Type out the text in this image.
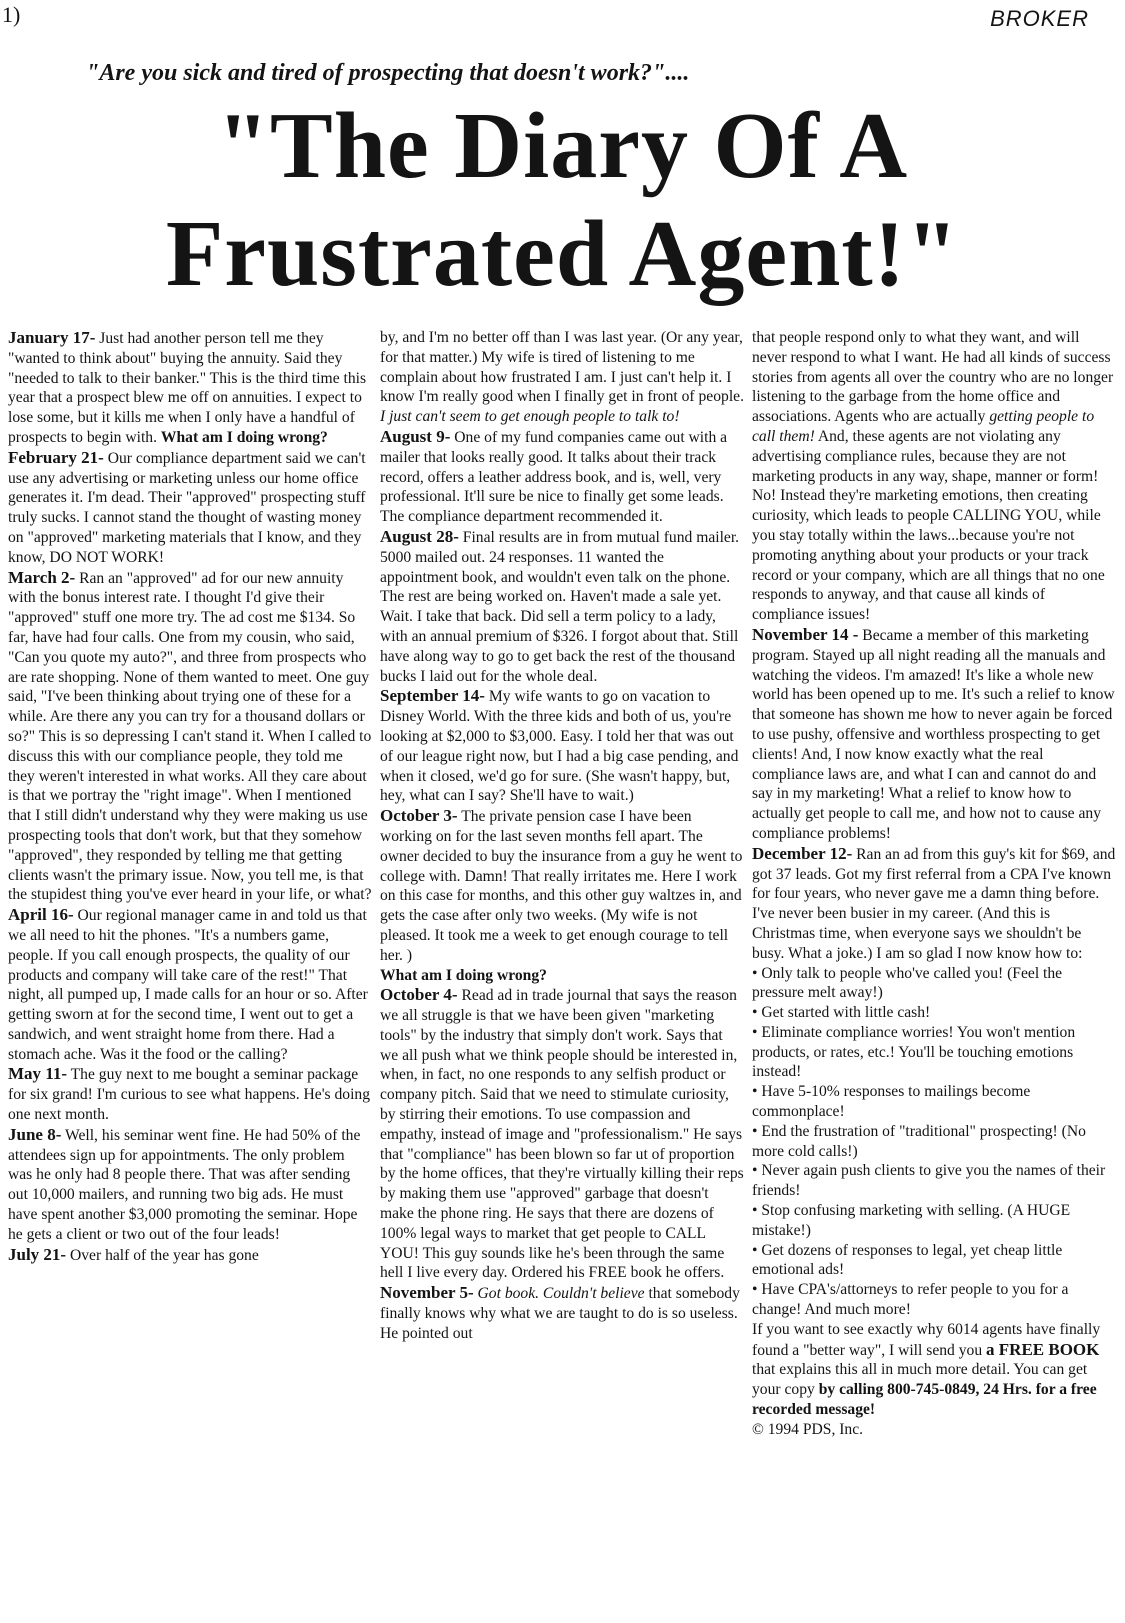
1)	BROKER
"Are you sick and tired of prospecting that doesn't work?"....
"The Diary Of A
Frustrated Agent!"

January 17- Just had another person tell me they "wanted to think about" buying the annuity. Said they "needed to talk to their banker." This is the third time this year that a prospect blew me off on annuities. I expect to lose some, but it kills me when I only have a handful of prospects to begin with. What am I doing wrong?

February 21- Our compliance department said we can't use any advertising or marketing unless our home office generates it. I'm dead. Their "approved" prospecting stuff truly sucks. I cannot stand the thought of wasting money on "approved" marketing materials that I know, and they know, DO NOT WORK!

March 2- Ran an "approved" ad for our new annuity with the bonus interest rate. I thought I'd give their "approved" stuff one more try. The ad cost me $134. So far, have had four calls. One from my cousin, who said, "Can you quote my auto?", and three from prospects who are rate shopping. None of them wanted to meet. One guy said, "I've been thinking about trying one of these for a while. Are there any you can try for a thousand dollars or so?" This is so depressing I can't stand it. When I called to discuss this with our compliance people, they told me they weren't interested in what works. All they care about is that we portray the "right image". When I mentioned that I still didn't understand why they were making us use prospecting tools that don't work, but that they somehow "approved", they responded by telling me that getting clients wasn't the primary issue. Now, you tell me, is that the stupidest thing you've ever heard in your life, or what?

April 16- Our regional manager came in and told us that we all need to hit the phones. "It's a numbers game, people. If you call enough prospects, the quality of our products and company will take care of the rest!" That night, all pumped up, I made calls for an hour or so. After getting sworn at for the second time, I went out to get a sandwich, and went straight home from there. Had a stomach ache. Was it the food or the calling?

May 11- The guy next to me bought a seminar package for six grand! I'm curious to see what happens. He's doing one next month.

June 8- Well, his seminar went fine. He had 50% of the attendees sign up for appointments. The only problem was he only had 8 people there. That was after sending out 10,000 mailers, and running two big ads. He must have spent another $3,000 promoting the seminar. Hope he gets a client or two out of the four leads!

July 21- Over half of the year has gone

by, and I'm no better off than I was last year. (Or any year, for that matter.) My wife is tired of listening to me complain about how frustrated I am. I just can't help it. I know I'm really good when I finally get in front of people. I just can't seem to get enough people to talk to!

August 9- One of my fund companies came out with a mailer that looks really good. It talks about their track record, offers a leather address book, and is, well, very professional. It'll sure be nice to finally get some leads. The compliance department recommended it.

August 28- Final results are in from mutual fund mailer. 5000 mailed out. 24 responses. 11 wanted the appointment book, and wouldn't even talk on the phone. The rest are being worked on. Haven't made a sale yet. Wait. I take that back. Did sell a term policy to a lady, with an annual premium of $326. I forgot about that. Still have along way to go to get back the rest of the thousand bucks I laid out for the whole deal.

September 14- My wife wants to go on vacation to Disney World. With the three kids and both of us, you're looking at $2,000 to $3,000. Easy. I told her that was out of our league right now, but I had a big case pending, and when it closed, we'd go for sure. (She wasn't happy, but, hey, what can I say? She'll have to wait.)

October 3- The private pension case I have been working on for the last seven months fell apart. The owner decided to buy the insurance from a guy he went to college with. Damn! That really irritates me. Here I work on this case for months, and this other guy waltzes in, and gets the case after only two weeks. (My wife is not pleased. It took me a week to get enough courage to tell her. )

What am I doing wrong?

October 4- Read ad in trade journal that says the reason we all struggle is that we have been given "marketing tools" by the industry that simply don't work. Says that we all push what we think people should be interested in, when, in fact, no one responds to any selfish product or company pitch. Said that we need to stimulate curiosity, by stirring their emotions. To use compassion and empathy, instead of image and "professionalism." He says that "compliance" has been blown so far ut of proportion by the home offices, that they're virtually killing their reps by making them use "approved" garbage that doesn't make the phone ring. He says that there are dozens of 100% legal ways to market that get people to CALL YOU! This guy sounds like he's been through the same hell I live every day. Ordered his FREE book he offers.

November 5- Got book. Couldn't believe that somebody finally knows why what we are taught to do is so useless. He pointed out

that people respond only to what they want, and will never respond to what I want. He had all kinds of success stories from agents all over the country who are no longer listening to the garbage from the home office and associations. Agents who are actually getting people to call them! And, these agents are not violating any advertising compliance rules, because they are not marketing products in any way, shape, manner or form! No! Instead they're marketing emotions, then creating curiosity, which leads to people CALLING YOU, while you stay totally within the laws...because you're not promoting anything about your products or your track record or your company, which are all things that no one responds to anyway, and that cause all kinds of compliance issues!

November 14 - Became a member of this marketing program. Stayed up all night reading all the manuals and watching the videos. I'm amazed! It's like a whole new world has been opened up to me. It's such a relief to know that someone has shown me how to never again be forced to use pushy, offensive and worthless prospecting to get clients! And, I now know exactly what the real compliance laws are, and what I can and cannot do and say in my marketing! What a relief to know how to actually get people to call me, and how not to cause any compliance problems!

December 12- Ran an ad from this guy's kit for $69, and got 37 leads. Got my first referral from a CPA I've known for four years, who never gave me a damn thing before. I've never been busier in my career. (And this is Christmas time, when everyone says we shouldn't be busy. What a joke.) I am so glad I now know how to:

• Only talk to people who've called you! (Feel the pressure melt away!)
• Get started with little cash!
• Eliminate compliance worries! You won't mention products, or rates, etc.! You'll be touching emotions instead!
• Have 5-10% responses to mailings become commonplace!
• End the frustration of "traditional" prospecting! (No more cold calls!)
• Never again push clients to give you the names of their friends!
• Stop confusing marketing with selling. (A HUGE mistake!)
• Get dozens of responses to legal, yet cheap little emotional ads!
• Have CPA's/attorneys to refer people to you for a change! And much more!

If you want to see exactly why 6014 agents have finally found a "better way", I will send you a FREE BOOK that explains this all in much more detail. You can get your copy by calling 800-745-0849, 24 Hrs. for a free recorded message!

© 1994 PDS, Inc.
